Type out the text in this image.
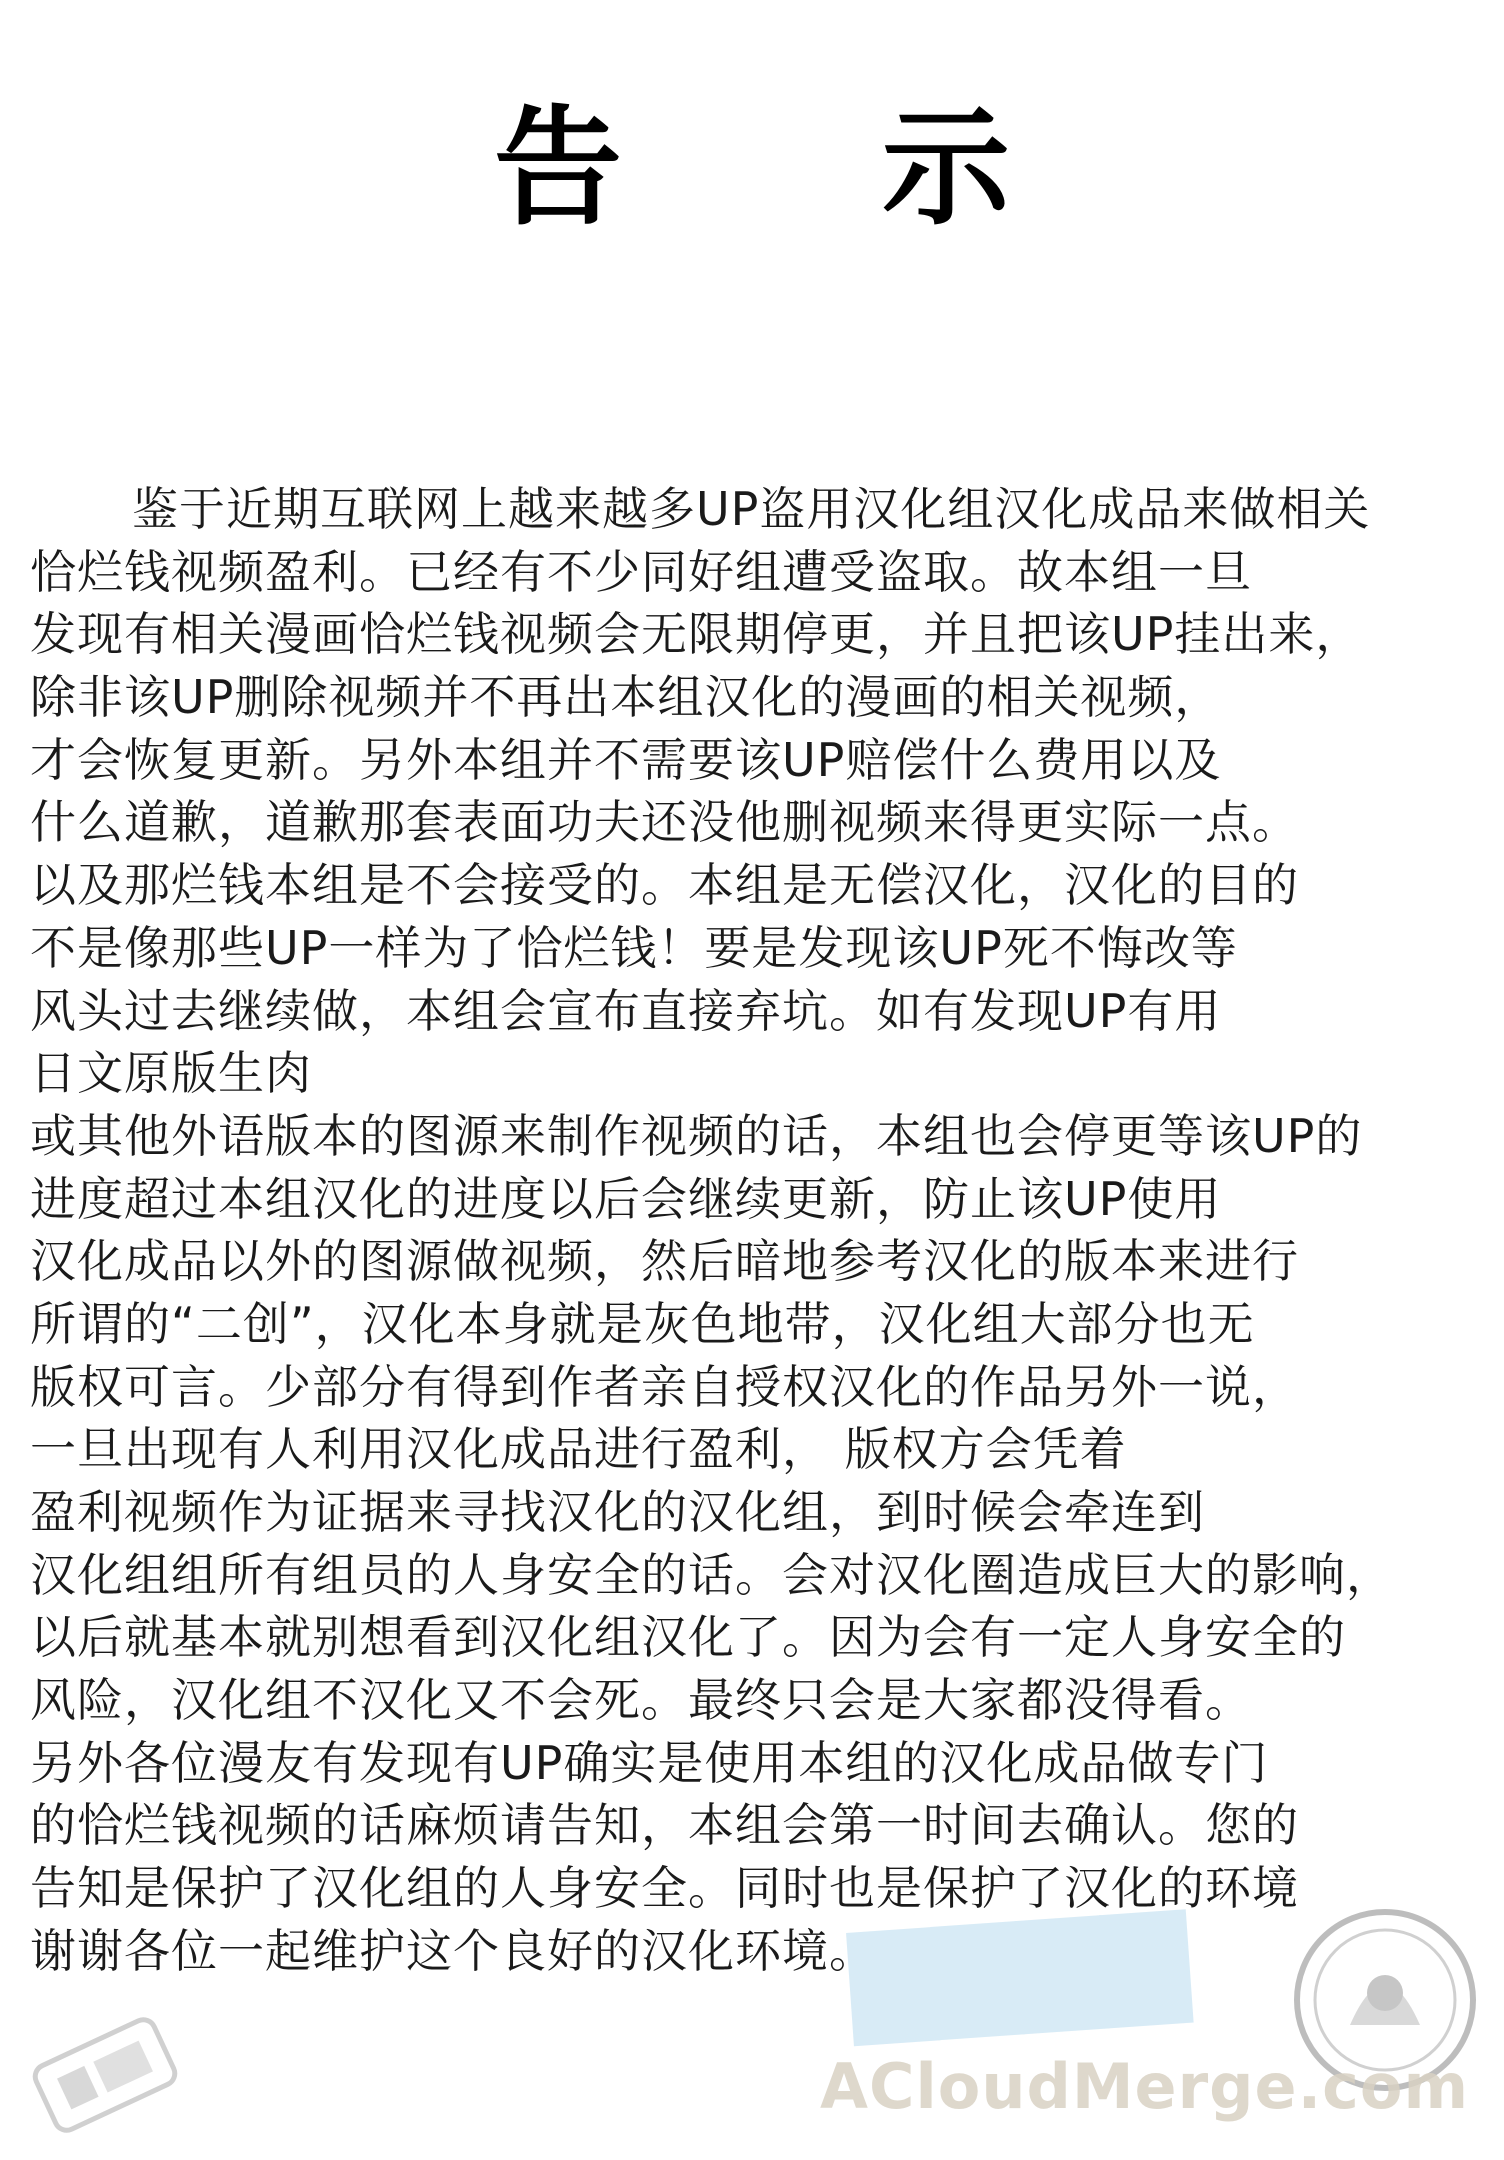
告 示
鉴于近期互联网上越来越多UP盗用汉化组汉化成品来做相关
恰烂钱视频盈利。已经有不少同好组遭受盗取。故本组一旦
发现有相关漫画恰烂钱视频会无限期停更，并且把该UP挂出来，
除非该UP删除视频并不再出本组汉化的漫画的相关视频，
才会恢复更新。另外本组并不需要该UP赔偿什么费用以及
什么道歉，道歉那套表面功夫还没他删视频来得更实际一点。
以及那烂钱本组是不会接受的。本组是无偿汉化，汉化的目的
不是像那些UP一样为了恰烂钱！要是发现该UP死不悔改等
风头过去继续做，本组会宣布直接弃坑。如有发现UP有用
日文原版生肉
或其他外语版本的图源来制作视频的话，本组也会停更等该UP的
进度超过本组汉化的进度以后会继续更新，防止该UP使用
汉化成品以外的图源做视频，然后暗地参考汉化的版本来进行
所谓的“二创”，汉化本身就是灰色地带，汉化组大部分也无
版权可言。少部分有得到作者亲自授权汉化的作品另外一说，
一旦出现有人利用汉化成品进行盈利， 版权方会凭着
盈利视频作为证据来寻找汉化的汉化组，到时候会牵连到
汉化组组所有组员的人身安全的话。会对汉化圈造成巨大的影响，
以后就基本就别想看到汉化组汉化了。因为会有一定人身安全的
风险，汉化组不汉化又不会死。最终只会是大家都没得看。
另外各位漫友有发现有UP确实是使用本组的汉化成品做专门
的恰烂钱视频的话麻烦请告知，本组会第一时间去确认。您的
告知是保护了汉化组的人身安全。同时也是保护了汉化的环境
谢谢各位一起维护这个良好的汉化环境。
▇▇▇▇
ACloudMerge.com
